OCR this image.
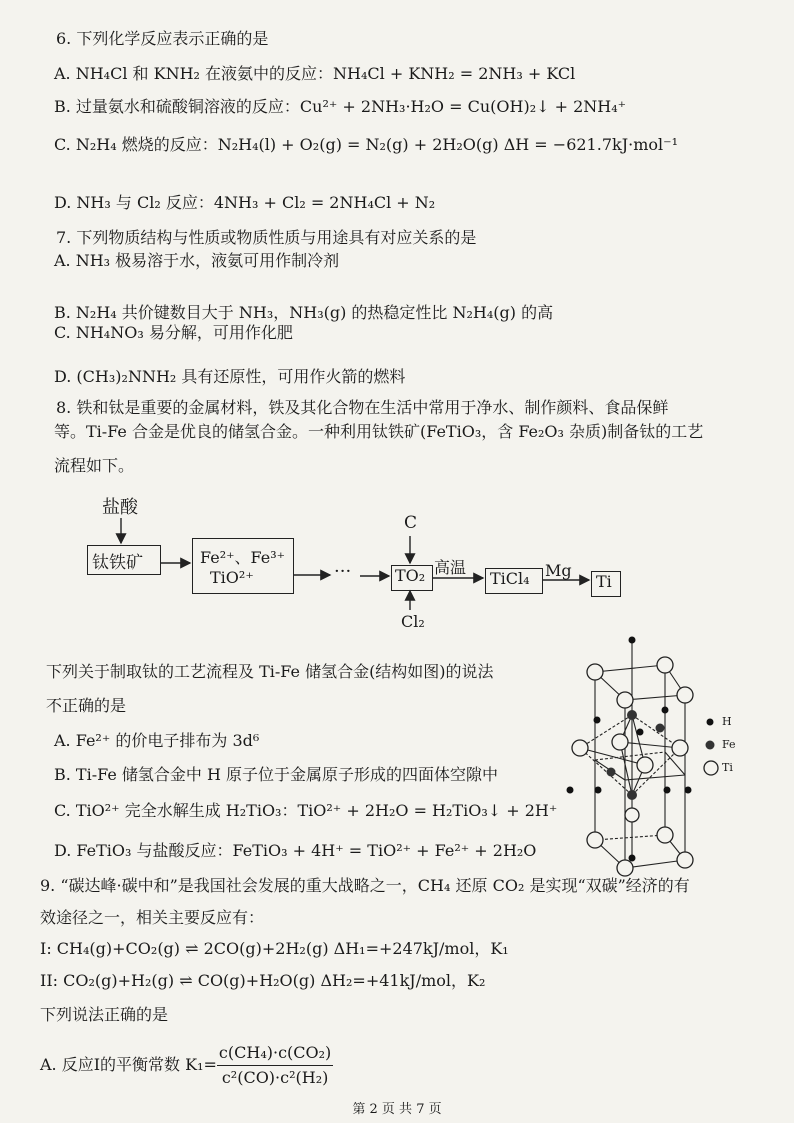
6. 下列化学反应表示正确的是
A. NH₄Cl 和 KNH₂ 在液氨中的反应：NH₄Cl + KNH₂ = 2NH₃ + KCl
B. 过量氨水和硫酸铜溶液的反应：Cu²⁺ + 2NH₃·H₂O = Cu(OH)₂↓ + 2NH₄⁺
C. N₂H₄ 燃烧的反应：N₂H₄(l) + O₂(g) = N₂(g) + 2H₂O(g) ΔH = −621.7kJ·mol⁻¹
D. NH₃ 与 Cl₂ 反应：4NH₃ + Cl₂ = 2NH₄Cl + N₂
7. 下列物质结构与性质或物质性质与用途具有对应关系的是
A. NH₃ 极易溶于水，液氨可用作制冷剂
B. N₂H₄ 共价键数目大于 NH₃，NH₃(g) 的热稳定性比 N₂H₄(g) 的高
C. NH₄NO₃ 易分解，可用作化肥
D. (CH₃)₂NNH₂ 具有还原性，可用作火箭的燃料
8. 铁和钛是重要的金属材料，铁及其化合物在生活中常用于净水、制作颜料、食品保鲜
等。Ti-Fe 合金是优良的储氢合金。一种利用钛铁矿(FeTiO₃，含 Fe₂O₃ 杂质)制备钛的工艺
流程如下。
盐酸
钛铁矿	Fe²⁺、Fe³⁺
TiO²⁺	···
C
TO₂
Cl₂
高温
TiCl₄ Mg
Ti
下列关于制取钛的工艺流程及 Ti-Fe 储氢合金(结构如图)的说法
不正确的是
A. Fe²⁺ 的价电子排布为 3d⁶
B. Ti-Fe 储氢合金中 H 原子位于金属原子形成的四面体空隙中
C. TiO²⁺ 完全水解生成 H₂TiO₃：TiO²⁺ + 2H₂O = H₂TiO₃↓ + 2H⁺
D. FeTiO₃ 与盐酸反应：FeTiO₃ + 4H⁺ = TiO²⁺ + Fe²⁺ + 2H₂O
H
Fe
Ti
9. “碳达峰·碳中和”是我国社会发展的重大战略之一，CH₄ 还原 CO₂ 是实现“双碳”经济的有
效途径之一，相关主要反应有：
I: CH₄(g)+CO₂(g) ⇌ 2CO(g)+2H₂(g) ΔH₁=+247kJ/mol，K₁
II: CO₂(g)+H₂(g) ⇌ CO(g)+H₂O(g) ΔH₂=+41kJ/mol，K₂
下列说法正确的是
A. 反应I的平衡常数 $K_1= \frac{\text{c(CH₄)·c(CO₂)}}{\text{c²(CO)·c²(H₂)}}$
第 2 页 共 7 页
